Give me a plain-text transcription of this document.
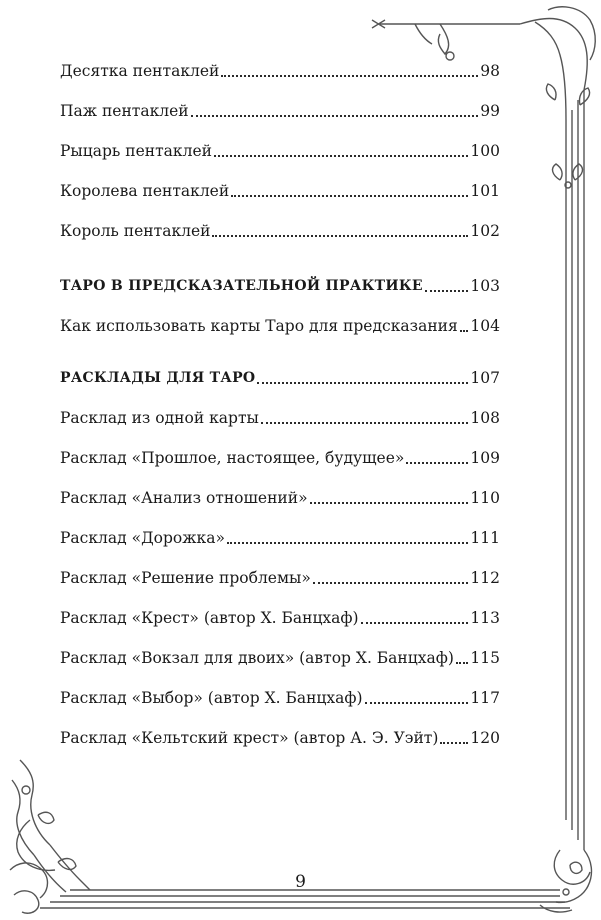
Десятка пентаклей	98
Паж пентаклей	99
Рыцарь пентаклей	100
Королева пентаклей	101
Король пентаклей	102
ТАРО В ПРЕДСКАЗАТЕЛЬНОЙ ПРАКТИКЕ	103
Как использовать карты Таро для предсказания 104
РАСКЛАДЫ ДЛЯ ТАРО	107
Расклад из одной карты	108
Расклад «Прошлое, настоящее, будущее»	109
Расклад «Анализ отношений»	110
Расклад «Дорожка»	111
Расклад «Решение проблемы»	112
Расклад «Крест» (автор Х. Банцхаф)	113
Расклад «Вокзал для двоих» (автор Х. Банцхаф) 115
Расклад «Выбор» (автор Х. Банцхаф)	117
Расклад «Кельтский крест» (автор А. Э. Уэйт) 120
9
